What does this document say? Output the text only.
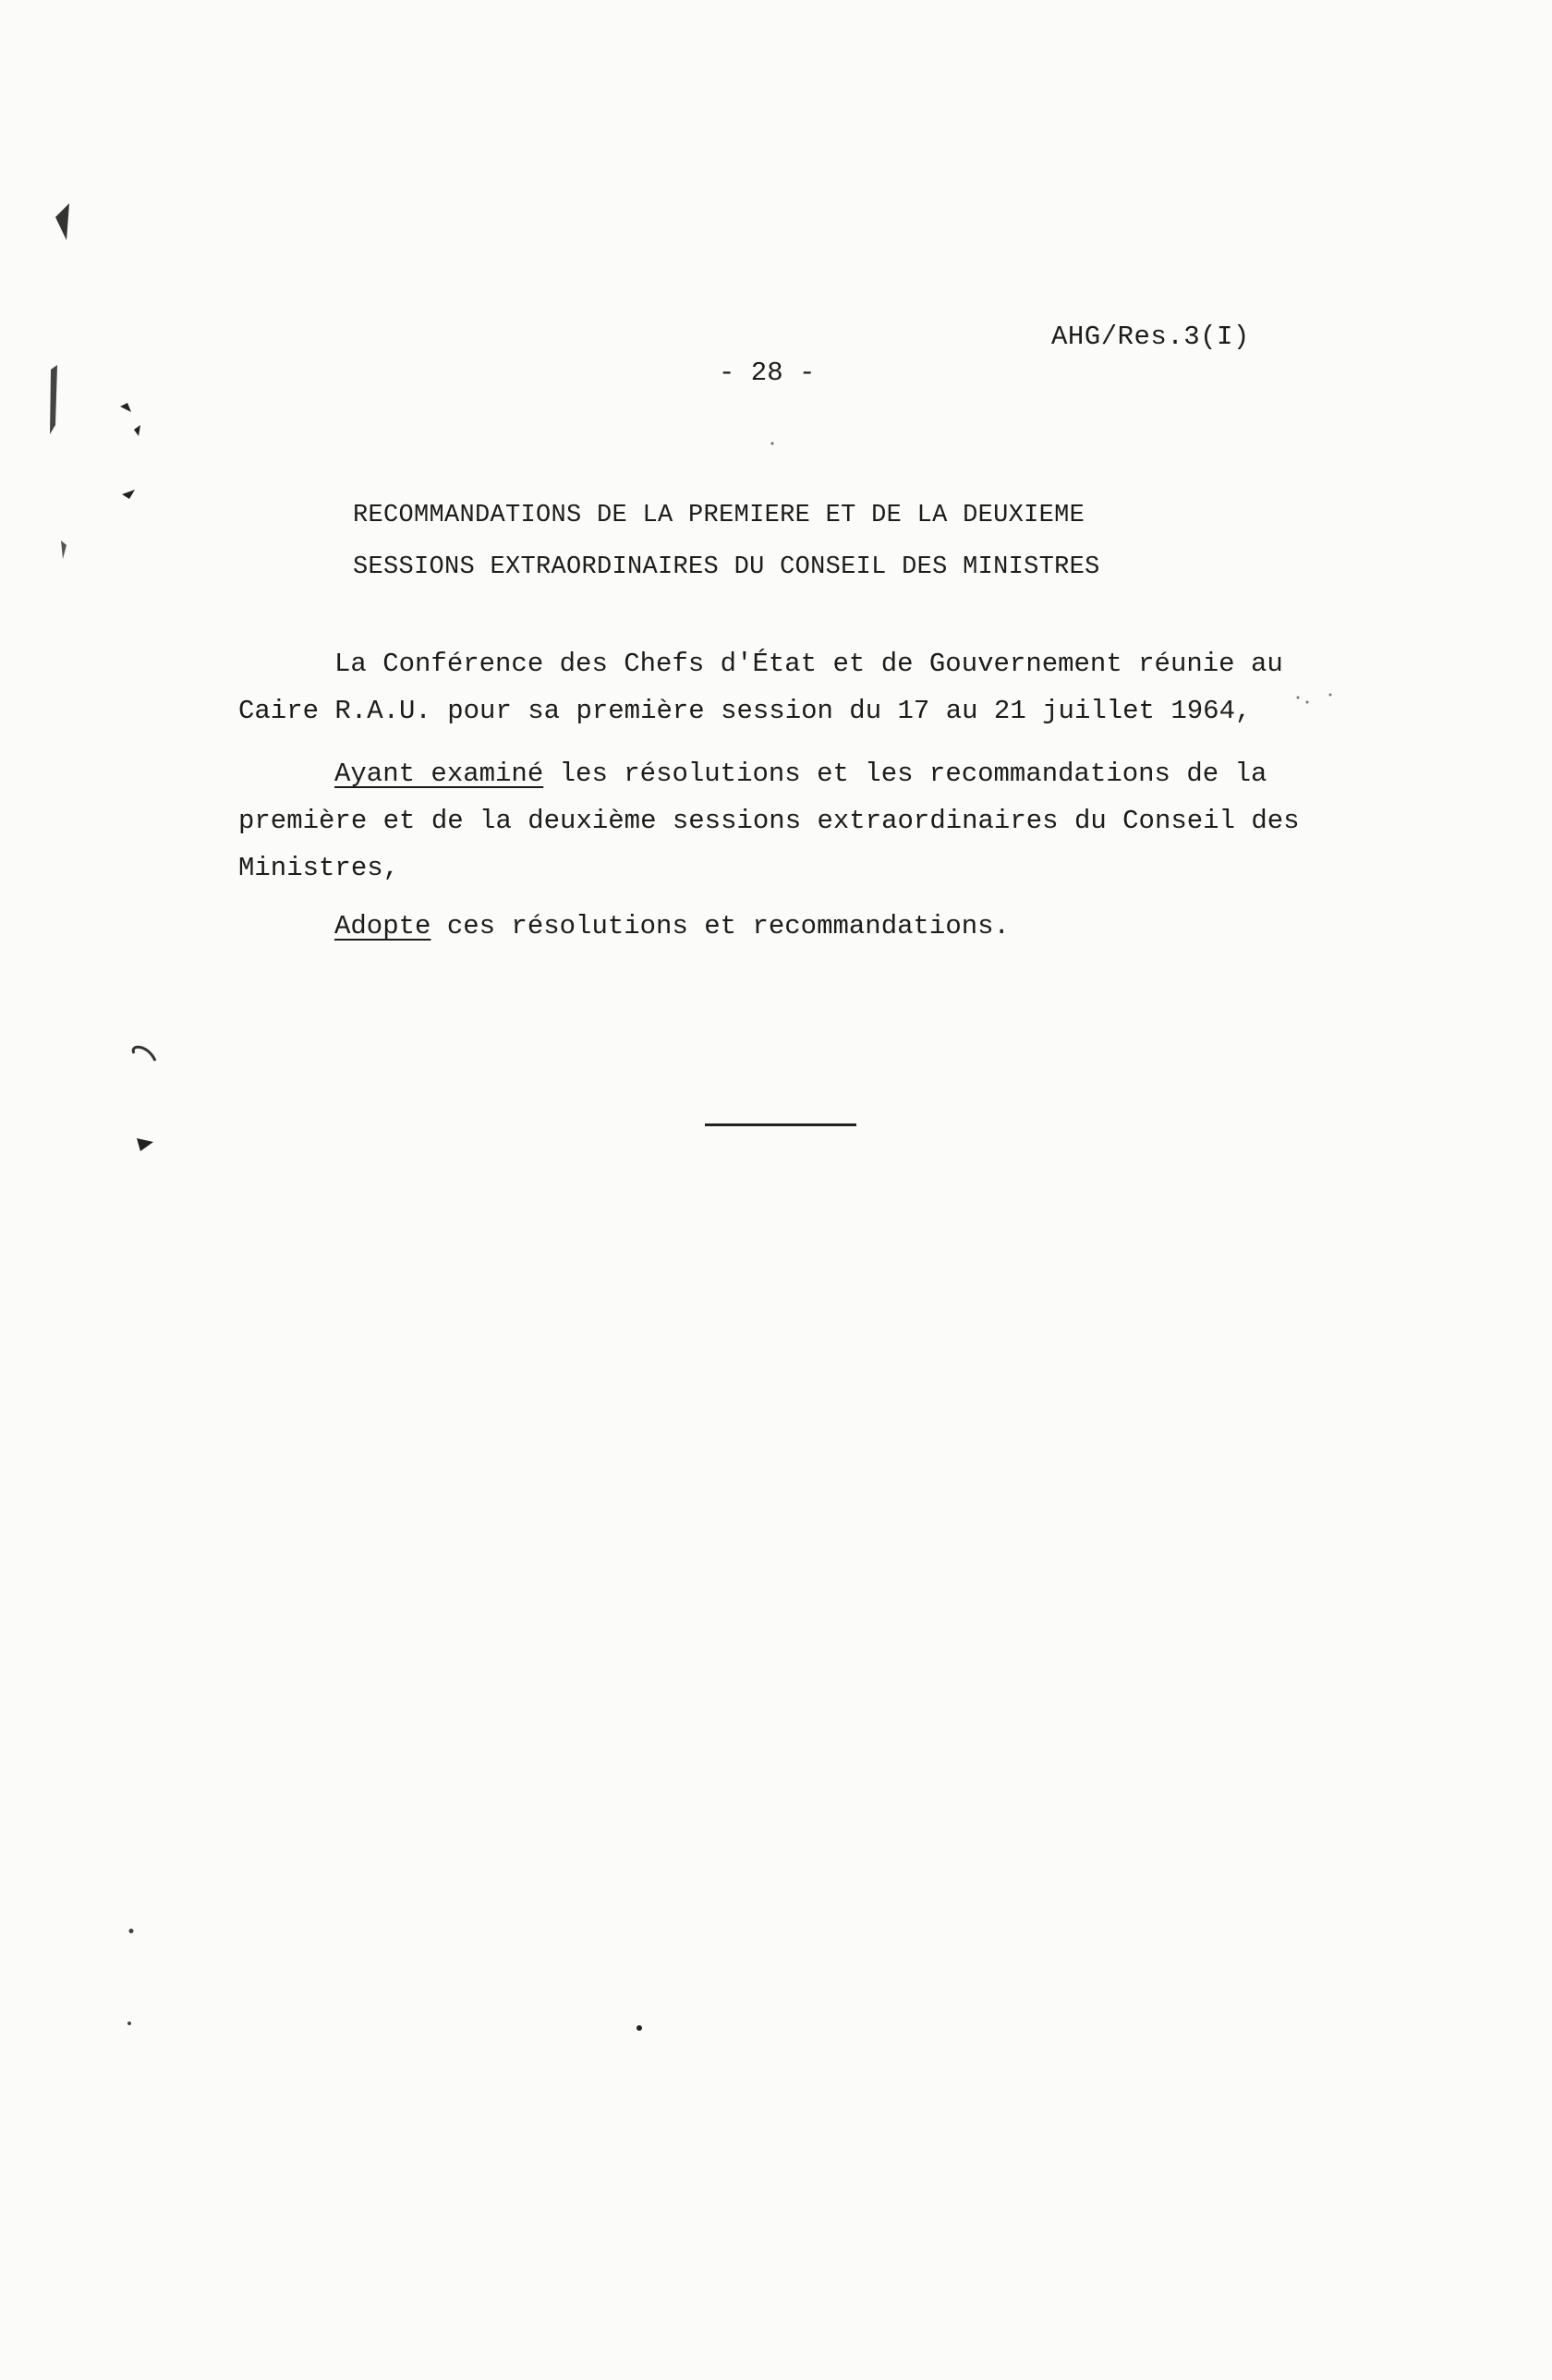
AHG/Res.3(I)
- 28 -
RECOMMANDATIONS DE LA PREMIERE ET DE LA DEUXIEME
SESSIONS EXTRAORDINAIRES DU CONSEIL DES MINISTRES

La Conférence des Chefs d'État et de Gouvernement réunie au Caire R.A.U. pour sa première session du 17 au 21 juillet 1964,

Ayant examiné les résolutions et les recommandations de la première et de la deuxième sessions extraordinaires du Conseil des Ministres,

Adopte ces résolutions et recommandations.
